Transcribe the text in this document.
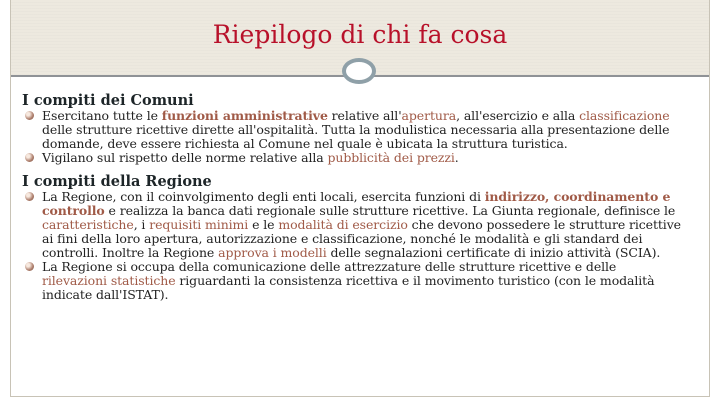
Riepilogo di chi fa cosa
I compiti dei Comuni
Esercitano tutte le funzioni amministrative relative all'apertura, all'esercizio e alla classificazione delle strutture ricettive dirette all'ospitalità. Tutta la modulistica necessaria alla presentazione delle domande, deve essere richiesta al Comune nel quale è ubicata la struttura turistica.
Vigilano sul rispetto delle norme relative alla pubblicità dei prezzi.
I compiti della Regione
La Regione, con il coinvolgimento degli enti locali, esercita funzioni di indirizzo, coordinamento e controllo e realizza la banca dati regionale sulle strutture ricettive. La Giunta regionale, definisce le caratteristiche, i requisiti minimi e le modalità di esercizio che devono possedere le strutture ricettive ai fini della loro apertura, autorizzazione e classificazione, nonché le modalità e gli standard dei controlli. Inoltre la Regione approva i modelli delle segnalazioni certificate di inizio attività (SCIA).
La Regione si occupa della comunicazione delle attrezzature delle strutture ricettive e delle rilevazioni statistiche riguardanti la consistenza ricettiva e il movimento turistico (con le modalità indicate dall'ISTAT).
